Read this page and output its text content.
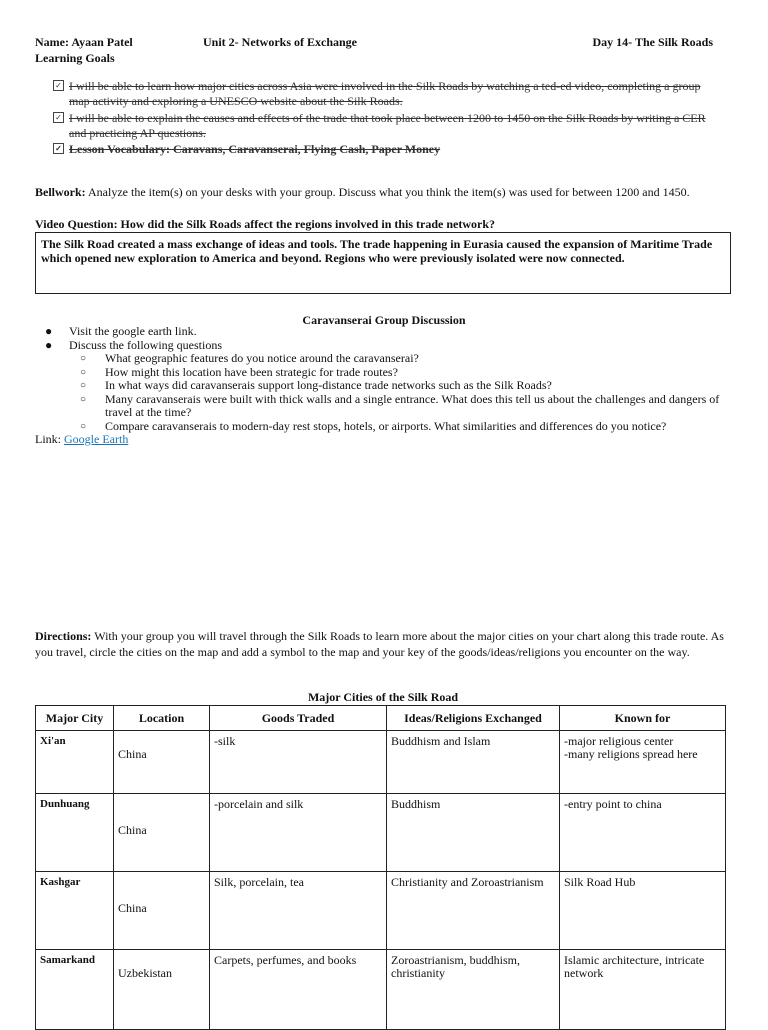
Name: Ayaan Patel	Unit 2- Networks of Exchange	Day 14- The Silk Roads
Learning Goals
✓ I will be able to learn how major cities across Asia were involved in the Silk Roads by watching a ted-ed video, completing a group map activity and exploring a UNESCO website about the Silk Roads.
✓ I will be able to explain the causes and effects of the trade that took place between 1200 to 1450 on the Silk Roads by writing a CER and practicing AP questions.
✓ Lesson Vocabulary: Caravans, Caravanserai, Flying Cash, Paper Money
Bellwork: Analyze the item(s) on your desks with your group. Discuss what you think the item(s) was used for between 1200 and 1450.
Video Question: How did the Silk Roads affect the regions involved in this trade network?
The Silk Road created a mass exchange of ideas and tools. The trade happening in Eurasia caused the expansion of Maritime Trade which opened new exploration to America and beyond. Regions who were previously isolated were now connected.
Caravanserai Group Discussion
● Visit the google earth link.
● Discuss the following questions
○ What geographic features do you notice around the caravanserai?
○ How might this location have been strategic for trade routes?
○ In what ways did caravanserais support long-distance trade networks such as the Silk Roads?
○ Many caravanserais were built with thick walls and a single entrance. What does this tell us about the challenges and dangers of travel at the time?
○ Compare caravanserais to modern-day rest stops, hotels, or airports. What similarities and differences do you notice?
Link: Google Earth
Directions: With your group you will travel through the Silk Roads to learn more about the major cities on your chart along this trade route. As you travel, circle the cities on the map and add a symbol to the map and your key of the goods/ideas/religions you encounter on the way.
Major Cities of the Silk Road
Major City	Location	Goods Traded	Ideas/Religions Exchanged	Known for
Xi'an	China	-silk	Buddhism and Islam	-major religious center
-many religions spread here
Dunhuang	China	-porcelain and silk	Buddhism	-entry point to china
Kashgar	China	Silk, porcelain, tea	Christianity and Zoroastrianism	Silk Road Hub
Samarkand	Uzbekistan	Carpets, perfumes, and books	Zoroastrianism, buddhism, christianity	Islamic architecture, intricate network
